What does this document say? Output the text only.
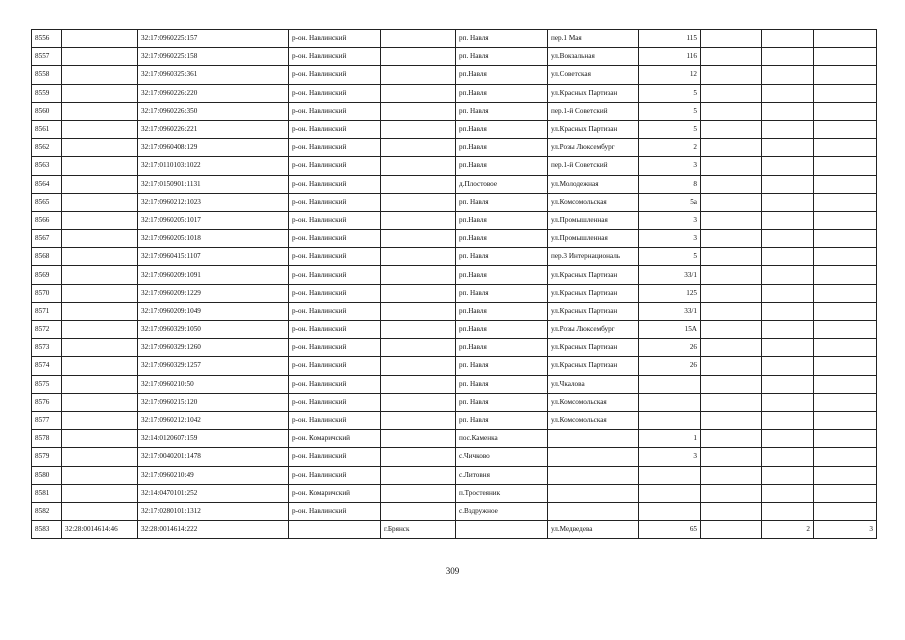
8556		32:17:0960225:157	р-он. Навлинский		рп. Навля	пер.1 Мая	115			
8557		32:17:0960225:158	р-он. Навлинский		рп. Навля	ул.Вокзальная	116			
8558		32:17:0960325:361	р-он. Навлинский		рп.Навля	ул.Советская	12			
8559		32:17:0960226:220	р-он. Навлинский		рп.Навля	ул.Красных Партизан	5			
8560		32:17:0960226:350	р-он. Навлинский		рп. Навля	пер.1-й Советский	5			
8561		32:17:0960226:221	р-он. Навлинский		рп.Навля	ул.Красных Партизан	5			
8562		32:17:0960408:129	р-он. Навлинский		рп.Навля	ул.Розы Люксембург	2			
8563		32:17:0110103:1022	р-он. Навлинский		рп.Навля	пер.1-й Советский	3			
8564		32:17:0150901:1131	р-он. Навлинский		д.Плостовое	ул.Молодежная	8			
8565		32:17:0960212:1023	р-он. Навлинский		рп. Навля	ул.Комсомольская	5а			
8566		32:17:0960205:1017	р-он. Навлинский		рп.Навля	ул.Промышленная	3			
8567		32:17:0960205:1018	р-он. Навлинский		рп.Навля	ул.Промышленная	3			
8568		32:17:0960415:1107	р-он. Навлинский		рп. Навля	пер.3 Интернациональ	5			
8569		32:17:0960209:1091	р-он. Навлинский		рп.Навля	ул.Красных Партизан	33/1			
8570		32:17:0960209:1229	р-он. Навлинский		рп. Навля	ул.Красных Партизан	125			
8571		32:17:0960209:1049	р-он. Навлинский		рп.Навля	ул.Красных Партизан	33/1			
8572		32:17:0960329:1050	р-он. Навлинский		рп.Навля	ул.Розы Люксембург	15А			
8573		32:17:0960329:1260	р-он. Навлинский		рп.Навля	ул.Красных Партизан	26			
8574		32:17:0960329:1257	р-он. Навлинский		рп. Навля	ул.Красных Партизан	26			
8575		32:17:0960210:50	р-он. Навлинский		рп. Навля	ул.Чкалова				
8576		32:17:0960215:120	р-он. Навлинский		рп. Навля	ул.Комсомольская				
8577		32:17:0960212:1042	р-он. Навлинский		рп. Навля	ул.Комсомольская				
8578		32:14:0120607:159	р-он. Комаричский		пос.Каменка		1			
8579		32:17:0040201:1478	р-он. Навлинский		с.Чичково		3			
8580		32:17:0960210:49	р-он. Навлинский		с.Литовня					
8581		32:14:0470101:252	р-он. Комаричский		п.Тростеяник					
8582		32:17:0280101:1312	р-он. Навлинский		с.Вздружное					
8583	32:28:0014614:46	32:28:0014614:222		г.Брянск		ул.Медведева	65		2	3
309
